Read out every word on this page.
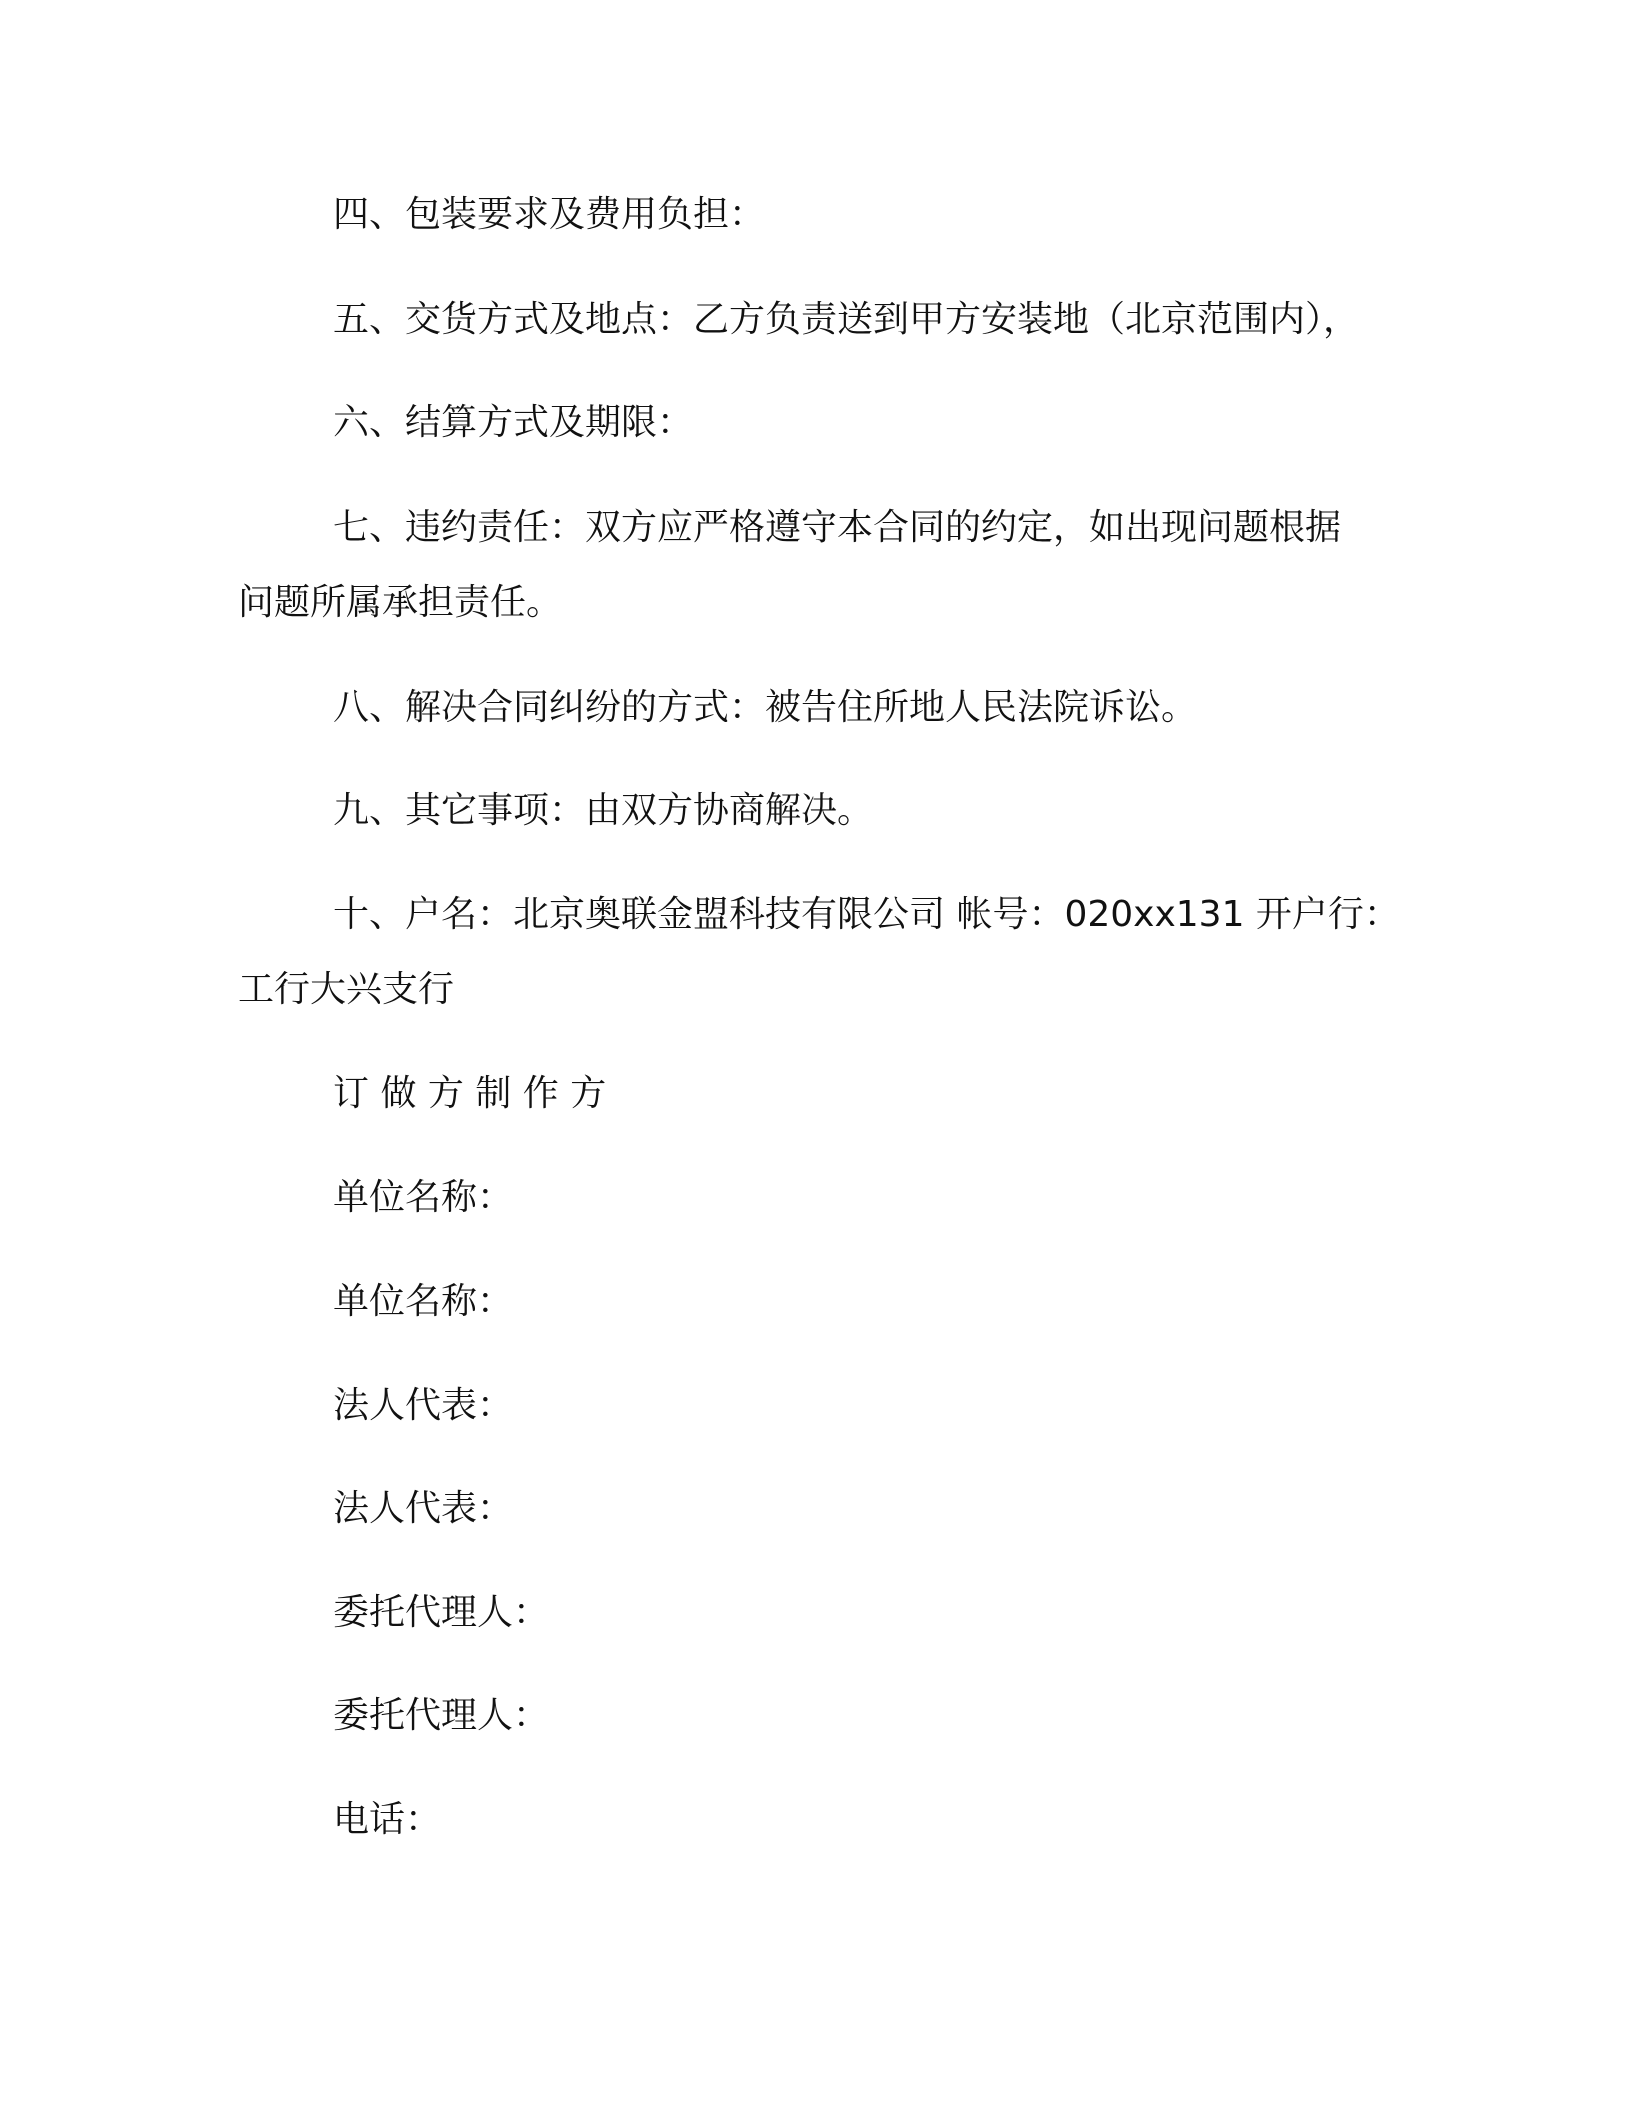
四、包装要求及费用负担：

五、交货方式及地点：乙方负责送到甲方安装地（北京范围内），

六、结算方式及期限：

七、违约责任：双方应严格遵守本合同的约定，如出现问题根据

问题所属承担责任。

八、解决合同纠纷的方式：被告住所地人民法院诉讼。

九、其它事项：由双方协商解决。

十、户名：北京奥联金盟科技有限公司 帐号：020xx131 开户行：

工行大兴支行

订 做 方 制 作 方

单位名称：

单位名称：

法人代表：

法人代表：

委托代理人：

委托代理人：

电话：
